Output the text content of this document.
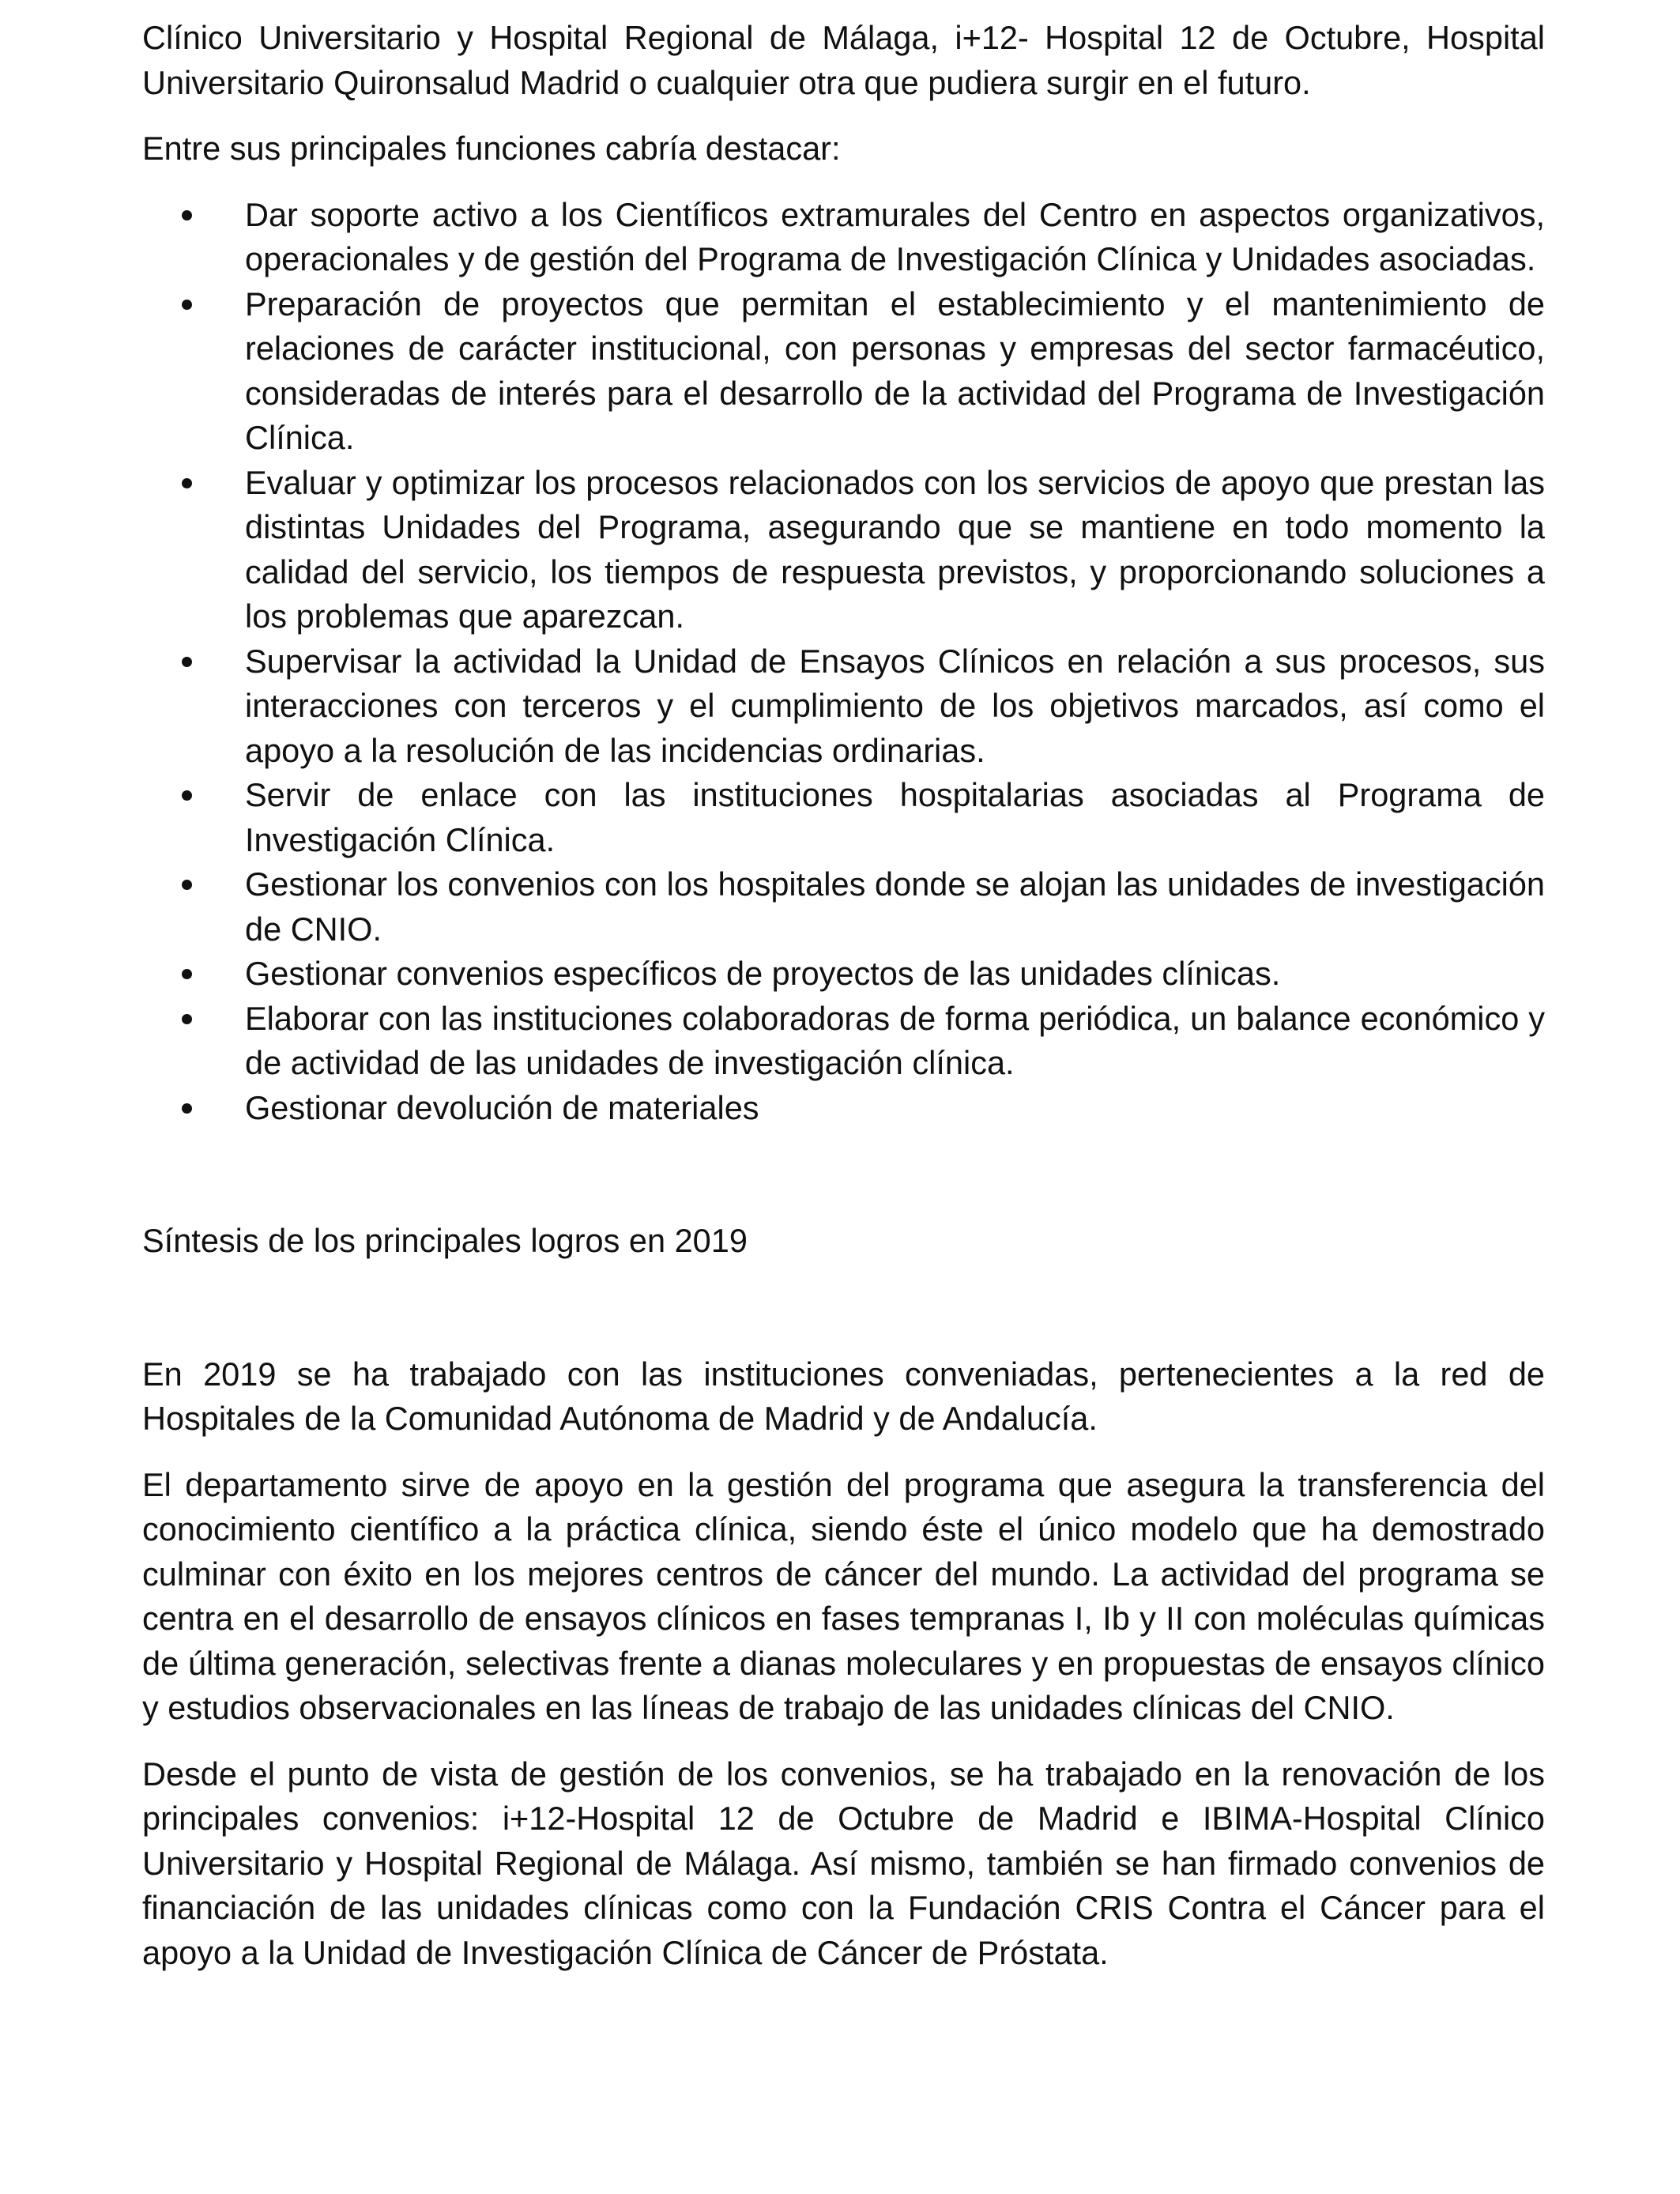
Clínico Universitario y Hospital Regional de Málaga, i+12- Hospital 12 de Octubre, Hospital Universitario Quironsalud Madrid o cualquier otra que pudiera surgir en el futuro.

Entre sus principales funciones cabría destacar:

Dar soporte activo a los Científicos extramurales del Centro en aspectos organizativos, operacionales y de gestión del Programa de Investigación Clínica y Unidades asociadas.
Preparación de proyectos que permitan el establecimiento y el mantenimiento de relaciones de carácter institucional, con personas y empresas del sector farmacéutico, consideradas de interés para el desarrollo de la actividad del Programa de Investigación Clínica.
Evaluar y optimizar los procesos relacionados con los servicios de apoyo que prestan las distintas Unidades del Programa, asegurando que se mantiene en todo momento la calidad del servicio, los tiempos de respuesta previstos, y proporcionando soluciones a los problemas que aparezcan.
Supervisar la actividad la Unidad de Ensayos Clínicos en relación a sus procesos, sus interacciones con terceros y el cumplimiento de los objetivos marcados, así como el apoyo a la resolución de las incidencias ordinarias.
Servir de enlace con las instituciones hospitalarias asociadas al Programa de Investigación Clínica.
Gestionar los convenios con los hospitales donde se alojan las unidades de investigación de CNIO.
Gestionar convenios específicos de proyectos de las unidades clínicas.
Elaborar con las instituciones colaboradoras de forma periódica, un balance económico y de actividad de las unidades de investigación clínica.
Gestionar devolución de materiales

Síntesis de los principales logros en 2019

En 2019 se ha trabajado con las instituciones conveniadas, pertenecientes a la red de Hospitales de la Comunidad Autónoma de Madrid y de Andalucía.

El departamento sirve de apoyo en la gestión del programa que asegura la transferencia del conocimiento científico a la práctica clínica, siendo éste el único modelo que ha demostrado culminar con éxito en los mejores centros de cáncer del mundo. La actividad del programa se centra en el desarrollo de ensayos clínicos en fases tempranas I, Ib y II con moléculas químicas de última generación, selectivas frente a dianas moleculares y en propuestas de ensayos clínico y estudios observacionales en las líneas de trabajo de las unidades clínicas del CNIO.

Desde el punto de vista de gestión de los convenios, se ha trabajado en la renovación de los principales convenios: i+12-Hospital 12 de Octubre de Madrid e IBIMA-Hospital Clínico Universitario y Hospital Regional de Málaga. Así mismo, también se han firmado convenios de financiación de las unidades clínicas como con la Fundación CRIS Contra el Cáncer para el apoyo a la Unidad de Investigación Clínica de Cáncer de Próstata.
